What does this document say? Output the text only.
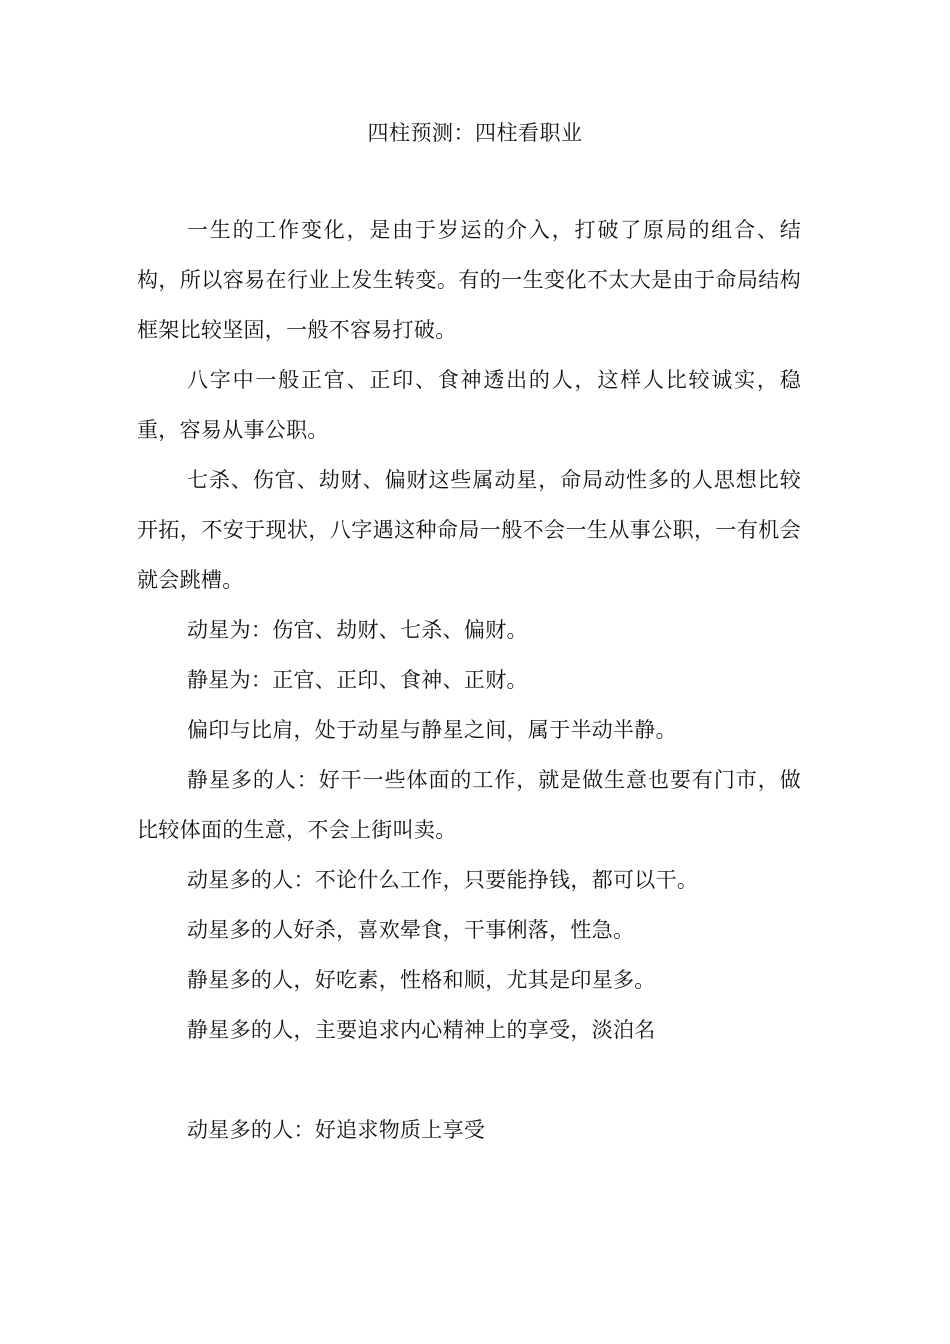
四柱预测：四柱看职业

一生的工作变化，是由于岁运的介入，打破了原局的组合、结构，所以容易在行业上发生转变。有的一生变化不太大是由于命局结构框架比较坚固，一般不容易打破。

八字中一般正官、正印、食神透出的人，这样人比较诚实，稳重，容易从事公职。

七杀、伤官、劫财、偏财这些属动星，命局动性多的人思想比较开拓，不安于现状，八字遇这种命局一般不会一生从事公职，一有机会就会跳槽。

动星为：伤官、劫财、七杀、偏财。

静星为：正官、正印、食神、正财。

偏印与比肩，处于动星与静星之间，属于半动半静。

静星多的人：好干一些体面的工作，就是做生意也要有门市，做比较体面的生意，不会上街叫卖。

动星多的人：不论什么工作，只要能挣钱，都可以干。

动星多的人好杀，喜欢晕食，干事俐落，性急。

静星多的人，好吃素，性格和顺，尤其是印星多。

静星多的人，主要追求内心精神上的享受，淡泊名

动星多的人：好追求物质上享受
